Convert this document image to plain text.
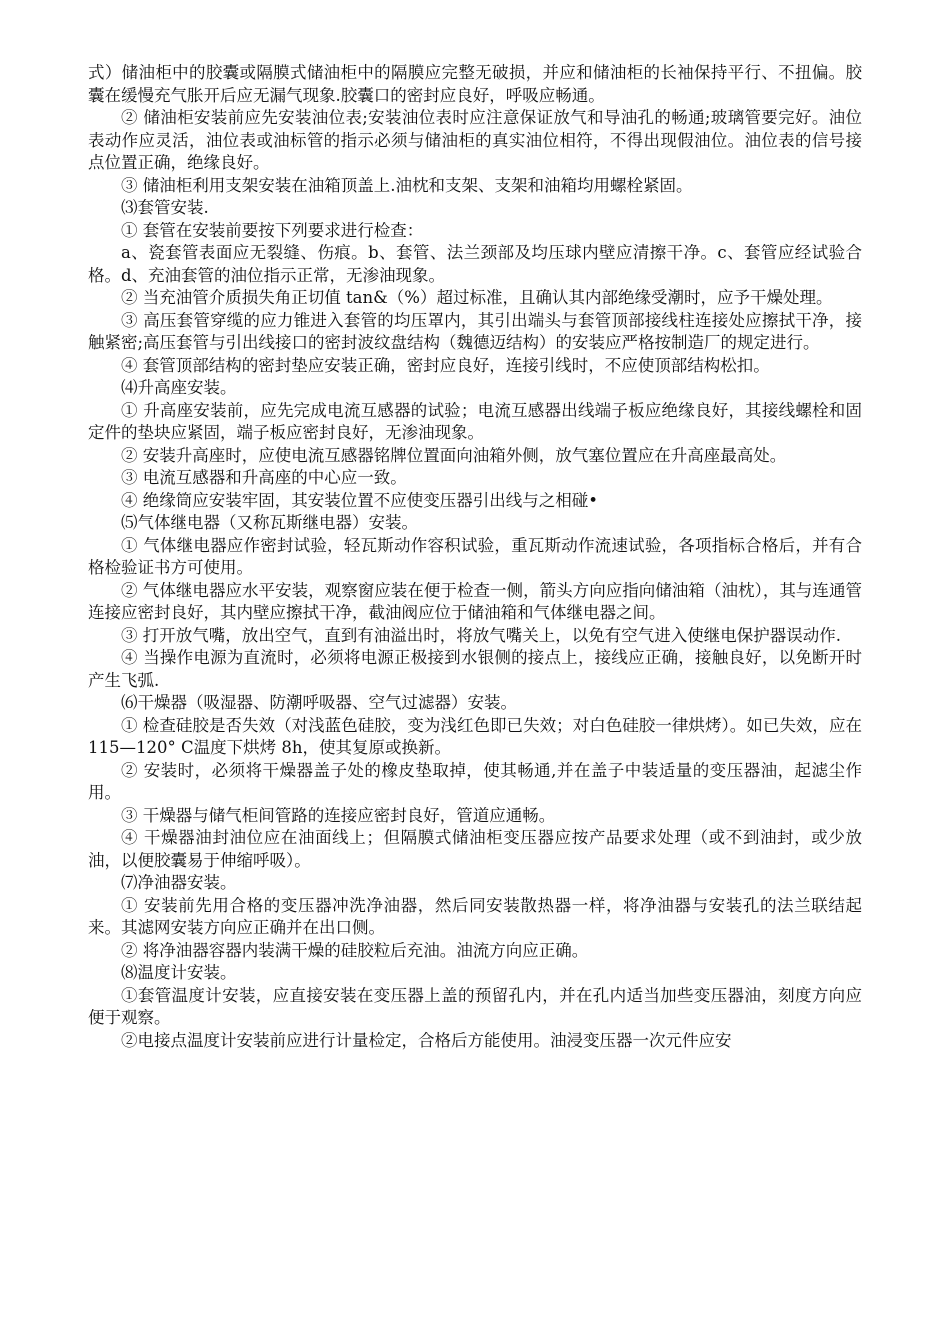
式）储油柜中的胶囊或隔膜式储油柜中的隔膜应完整无破损，并应和储油柜的长袖保持平行、不扭偏。胶囊在缓慢充气胀开后应无漏气现象.胶囊口的密封应良好，呼吸应畅通。

② 储油柜安装前应先安装油位表;安装油位表时应注意保证放气和导油孔的畅通;玻璃管要完好。油位表动作应灵活，油位表或油标管的指示必须与储油柜的真实油位相符，不得出现假油位。油位表的信号接点位置正确，绝缘良好。

③ 储油柜利用支架安装在油箱顶盖上.油枕和支架、支架和油箱均用螺栓紧固。

⑶套管安装.

① 套管在安装前要按下列要求进行检查：

a、瓷套管表面应无裂缝、伤痕。b、套管、法兰颈部及均压球内壁应清擦干净。c、套管应经试验合格。d、充油套管的油位指示正常，无渗油现象。

② 当充油管介质损失角正切值 tan&（%）超过标准，且确认其内部绝缘受潮时，应予干燥处理。

③ 高压套管穿缆的应力锥进入套管的均压罩内，其引出端头与套管顶部接线柱连接处应擦拭干净，接触紧密;高压套管与引出线接口的密封波纹盘结构（魏德迈结构）的安装应严格按制造厂的规定进行。

④ 套管顶部结构的密封垫应安装正确，密封应良好，连接引线时，不应使顶部结构松扣。

⑷升高座安装。

① 升高座安装前，应先完成电流互感器的试验；电流互感器出线端子板应绝缘良好，其接线螺栓和固定件的垫块应紧固，端子板应密封良好，无渗油现象。

② 安装升高座时，应使电流互感器铭牌位置面向油箱外侧，放气塞位置应在升高座最高处。

③ 电流互感器和升高座的中心应一致。

④ 绝缘筒应安装牢固，其安装位置不应使变压器引出线与之相碰•

⑸气体继电器（又称瓦斯继电器）安装。

① 气体继电器应作密封试验，轻瓦斯动作容积试验，重瓦斯动作流速试验，各项指标合格后，并有合格检验证书方可使用。

② 气体继电器应水平安装，观察窗应装在便于检查一侧，箭头方向应指向储油箱（油枕），其与连通管连接应密封良好，其内壁应擦拭干净，截油阀应位于储油箱和气体继电器之间。

③ 打开放气嘴，放出空气，直到有油溢出时，将放气嘴关上，以免有空气进入使继电保护器误动作.

④ 当操作电源为直流时，必须将电源正极接到水银侧的接点上，接线应正确，接触良好，以免断开时产生飞弧.

⑹干燥器（吸湿器、防潮呼吸器、空气过滤器）安装。

① 检查硅胶是否失效（对浅蓝色硅胶，变为浅红色即已失效；对白色硅胶一律烘烤）。如已失效，应在 115—120° C温度下烘烤 8h，使其复原或换新。

② 安装时，必须将干燥器盖子处的橡皮垫取掉，使其畅通,并在盖子中装适量的变压器油，起滤尘作用。

③ 干燥器与储气柜间管路的连接应密封良好，管道应通畅。

④ 干燥器油封油位应在油面线上；但隔膜式储油柜变压器应按产品要求处理（或不到油封，或少放油，以便胶囊易于伸缩呼吸）。

⑺净油器安装。

① 安装前先用合格的变压器冲洗净油器，然后同安装散热器一样，将净油器与安装孔的法兰联结起来。其滤网安装方向应正确并在出口侧。

② 将净油器容器内装满干燥的硅胶粒后充油。油流方向应正确。

⑻温度计安装。

①套管温度计安装，应直接安装在变压器上盖的预留孔内，并在孔内适当加些变压器油，刻度方向应便于观察。

②电接点温度计安装前应进行计量检定，合格后方能使用。油浸变压器一次元件应安
